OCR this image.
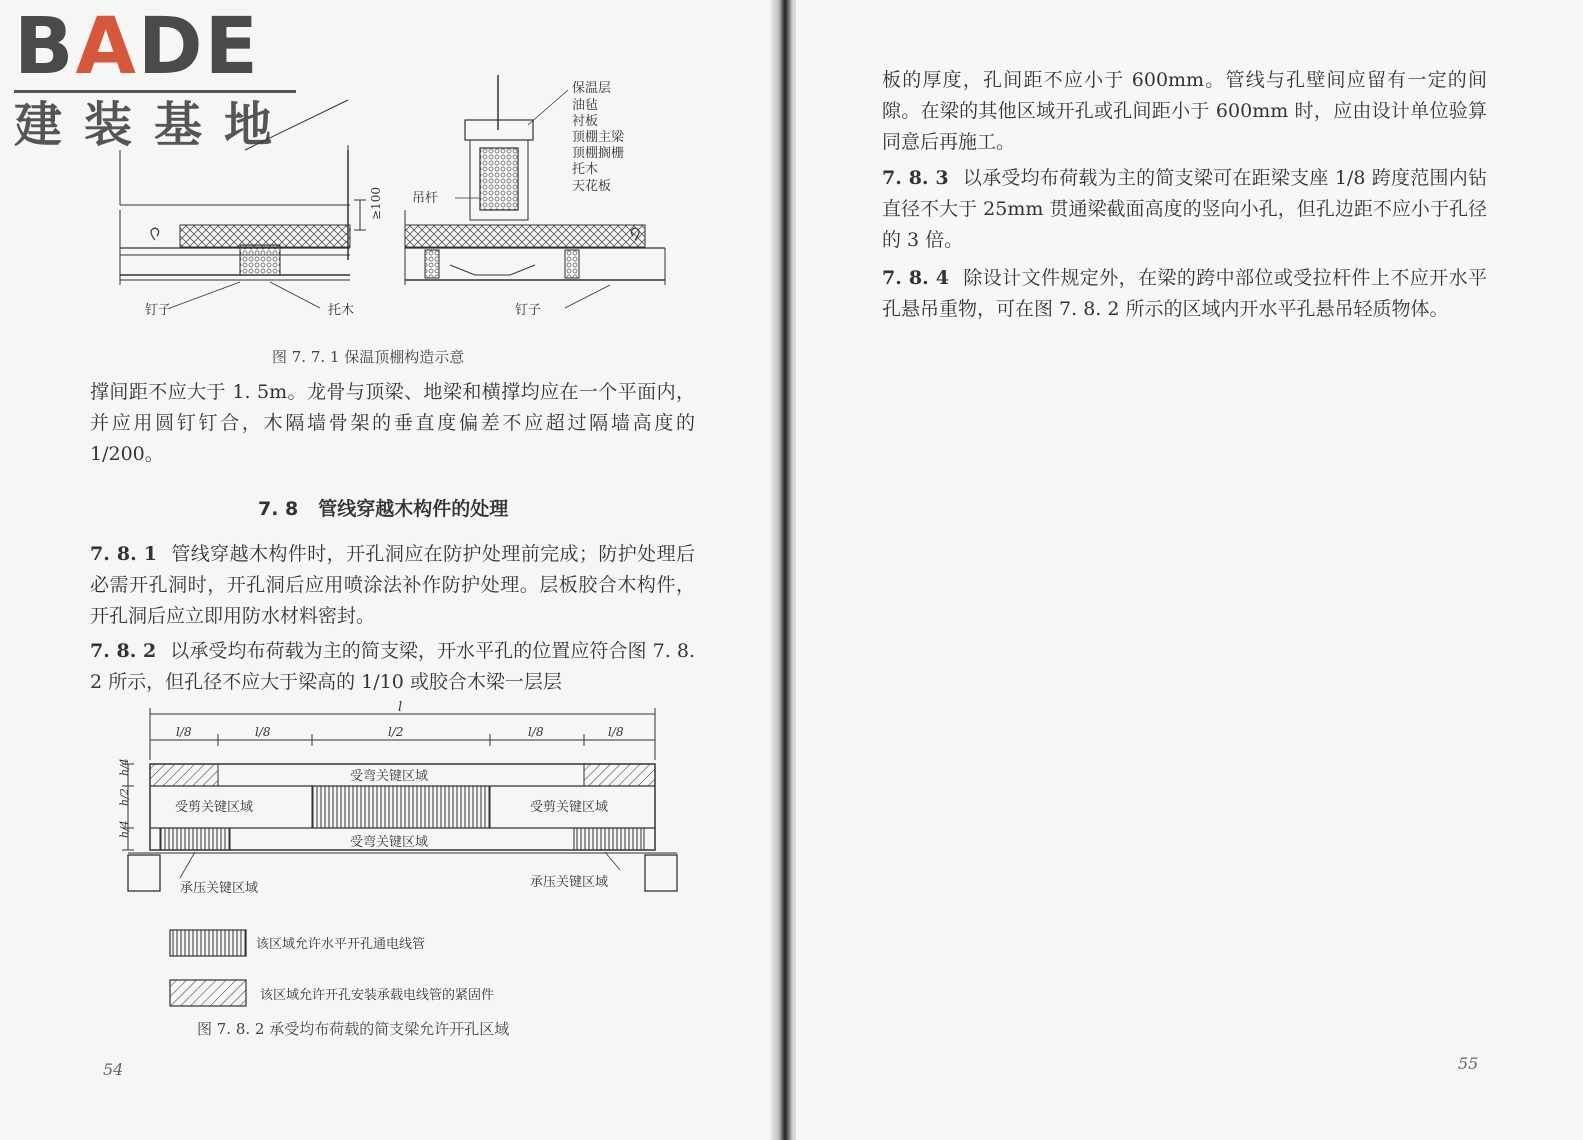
BADE
建装基地
≥100
保温层
油毡
衬板
顶棚主梁
顶棚搁栅
托木
天花板
吊杆
钉子	托木	钉子
图 7. 7. 1 保温顶棚构造示意

撑间距不应大于 1. 5m。龙骨与顶梁、地梁和横撑均应在一个平面内，并应用圆钉钉合，木隔墙骨架的垂直度偏差不应超过隔墙高度的 1/200。

7. 8 管线穿越木构件的处理

7. 8. 1 管线穿越木构件时，开孔洞应在防护处理前完成；防护处理后必需开孔洞时，开孔洞后应用喷涂法补作防护处理。层板胶合木构件，开孔洞后应立即用防水材料密封。

7. 8. 2 以承受均布荷载为主的简支梁，开水平孔的位置应符合图 7. 8. 2 所示，但孔径不应大于梁高的 1/10 或胶合木梁一层层

l
l/8	l/8	l/2	l/8	l/8
h/4
h/2
h/4
受弯关键区域
受剪关键区域	受剪关键区域
受弯关键区域
承压关键区域	承压关键区域
该区域允许水平开孔通电线管
该区域允许开孔安装承载电线管的紧固件
图 7. 8. 2 承受均布荷载的简支梁允许开孔区域
54

板的厚度，孔间距不应小于 600mm。管线与孔壁间应留有一定的间隙。在梁的其他区域开孔或孔间距小于 600mm 时，应由设计单位验算同意后再施工。

7. 8. 3 以承受均布荷载为主的简支梁可在距梁支座 1/8 跨度范围内钻直径不大于 25mm 贯通梁截面高度的竖向小孔，但孔边距不应小于孔径的 3 倍。

7. 8. 4 除设计文件规定外，在梁的跨中部位或受拉杆件上不应开水平孔悬吊重物，可在图 7. 8. 2 所示的区域内开水平孔悬吊轻质物体。

55
